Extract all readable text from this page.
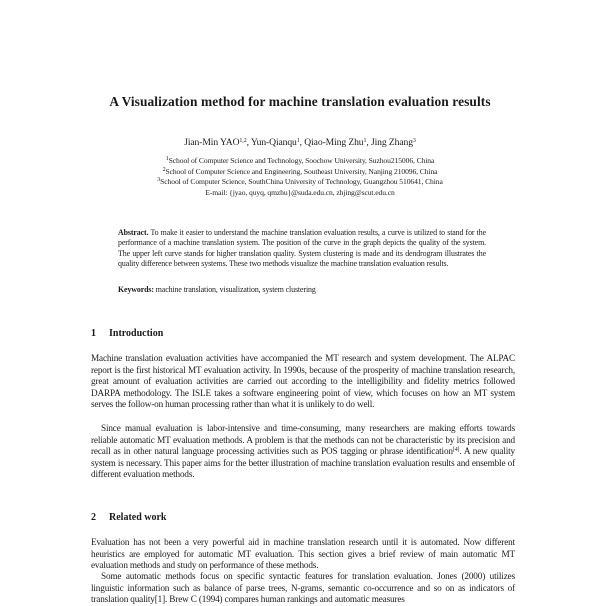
A Visualization method for machine translation evaluation results
Jian-Min YAO$^{1,2}$, Yun-Qianqu$^1$, Qiao-Ming Zhu$^1$, Jing Zhang$^3$
$^1$School of Computer Science and Technology, Soochow University, Suzhou215006, China
$^2$School of Computer Science and Engineering, Southeast University, Nanjing 210096, China
$^3$School of Computer Science, SouthChina University of Technology, Guangzhou 510641, China
E-mail: {jyao, quyq, qmzhu}@suda.edu.cn, zhjing@scut.edu.cn
Abstract. To make it easier to understand the machine translation evaluation results, a curve is utilized to stand for the performance of a machine translation system. The position of the curve in the graph depicts the quality of the system. The upper left curve stands for higher translation quality. System clustering is made and its dendrogram illustrates the quality difference between systems. These two methods visualize the machine translation evaluation results.
Keywords: machine translation, visualization, system clustering
1 Introduction
Machine translation evaluation activities have accompanied the MT research and system development. The ALPAC report is the first historical MT evaluation activity. In 1990s, because of the prosperity of machine translation research, great amount of evaluation activities are carried out according to the intelligibility and fidelity metrics followed DARPA methodology. The ISLE takes a software engineering point of view, which focuses on how an MT system serves the follow-on human processing rather than what it is unlikely to do well.
Since manual evaluation is labor-intensive and time-consuming, many researchers are making efforts towards reliable automatic MT evaluation methods. A problem is that the methods can not be characteristic by its precision and recall as in other natural language processing activities such as POS tagging or phrase identification[4]. A new quality system is necessary. This paper aims for the better illustration of machine translation evaluation results and ensemble of different evaluation methods.
2 Related work
Evaluation has not been a very powerful aid in machine translation research until it is automated. Now different heuristics are employed for automatic MT evaluation. This section gives a brief review of main automatic MT evaluation methods and study on performance of these methods.
Some automatic methods focus on specific syntactic features for translation evaluation. Jones (2000) utilizes linguistic information such as balance of parse trees, N-grams, semantic co-occurrence and so on as indicators of translation quality[1]. Brew C (1994) compares human rankings and automatic measures
